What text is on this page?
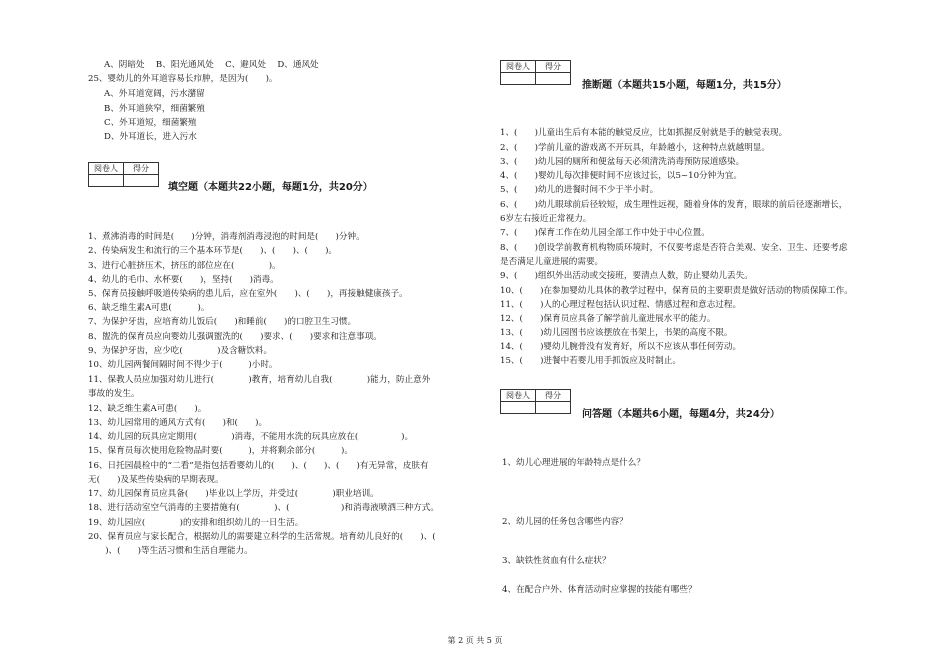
A、阴暗处　 B、阳光通风处　 C、避风处　 D、通风处
25、婴幼儿的外耳道容易长疖肿，是因为(　　)。
A、外耳道宽阔，污水潴留
B、外耳道狭窄，细菌繁殖
C、外耳道短，细菌繁殖
D、外耳道长，进入污水
阅卷人	得分

填空题（本题共22小题，每题1分，共20分）
1、煮沸消毒的时间是(　　)分钟，消毒剂消毒浸泡的时间是(　　)分钟。
2、传染病发生和流行的三个基本环节是(　　)、(　　)、(　　)。
3、进行心脏挤压术，挤压的部位应在(　　　　)。
4、幼儿的毛巾、水杯要(　　)，坚持(　　)消毒。
5、保育员接触呼吸道传染病的患儿后，应在室外(　　)、(　　)，再接触健康孩子。
6、缺乏维生素A可患(　　　)。
7、为保护牙齿，应培育幼儿饭后(　　)和睡前(　　)的口腔卫生习惯。
8、盥洗的保育员应向婴幼儿强调盥洗的(　　)要求、(　　)要求和注意事项。
9、为保护牙齿，应少吃(　　　　)及含糖饮料。
10、幼儿园两餐间隔时间不得少于(　　　)小时。
11、保教人员应加强对幼儿进行(　　　　)教育，培育幼儿自我(　　　　)能力，防止意外
事故的发生。
12、缺乏维生素A可患(　　)。
13、幼儿园常用的通风方式有(　　)和(　　)。
14、幼儿园的玩具应定期用(　　　　)消毒，不能用水洗的玩具应放在(　　　　　)。
15、保育员每次使用危险物品时要(　　　)，并将剩余部分(　　　)。
16、日托园晨检中的“二看”是指包括看婴幼儿的(　　)、(　　)、(　　)有无异常，皮肤有
无(　　)及某些传染病的早期表现。
17、幼儿园保育员应具备(　　)毕业以上学历，并受过(　　　　)职业培训。
18、进行活动室空气消毒的主要措施有(　　　　)、(　　　　　　)和消毒液喷洒三种方式。
19、幼儿园应(　　　　)的安排和组织幼儿的一日生活。
20、保育员应与家长配合，根据幼儿的需要建立科学的生活常规。培育幼儿良好的(　　)、(
　　)、(　　)等生活习惯和生活自理能力。
阅卷人	得分

推断题（本题共15小题，每题1分，共15分）
1、(　　)儿童出生后有本能的触觉反应，比如抓握反射就是手的触觉表现。
2、(　　)学前儿童的游戏离不开玩具，年龄越小，这种特点就越明显。
3、(　　)幼儿园的厕所和便盆每天必须清洗消毒预防尿道感染。
4、(　　)婴幼儿每次排便时间不应该过长，以5~10分钟为宜。
5、(　　)幼儿的进餐时间不少于半小时。
6、(　　)幼儿眼球前后径较短，成生理性远视，随着身体的发育，眼球的前后径逐渐增长，
6岁左右接近正常视力。
7、(　　)保育工作在幼儿园全部工作中处于中心位置。
8、(　　)创设学前教育机构物质环境时，不仅要考虑是否符合美观、安全、卫生、还要考虑
是否满足儿童进展的需要。
9、(　　)组织外出活动或交接班，要清点人数，防止婴幼儿丢失。
10、(　　)在参加婴幼儿具体的教学过程中，保育员的主要职责是做好活动的物质保障工作。
11、(　　)人的心理过程包括认识过程、情感过程和意志过程。
12、(　　)保育员应具备了解学前儿童进展水平的能力。
13、(　　)幼儿园图书应该摆放在书架上，书架的高度不限。
14、(　　)婴幼儿腕骨没有发育好，所以不应该从事任何劳动。
15、(　　)进餐中若婴儿用手抓饭应及时制止。
阅卷人	得分

问答题（本题共6小题，每题4分，共24分）
1、幼儿心理进展的年龄特点是什么？
2、幼儿园的任务包含哪些内容？
3、缺铁性贫血有什么症状？
4、在配合户外、体育活动时应掌握的技能有哪些？
第 2 页 共 5 页
